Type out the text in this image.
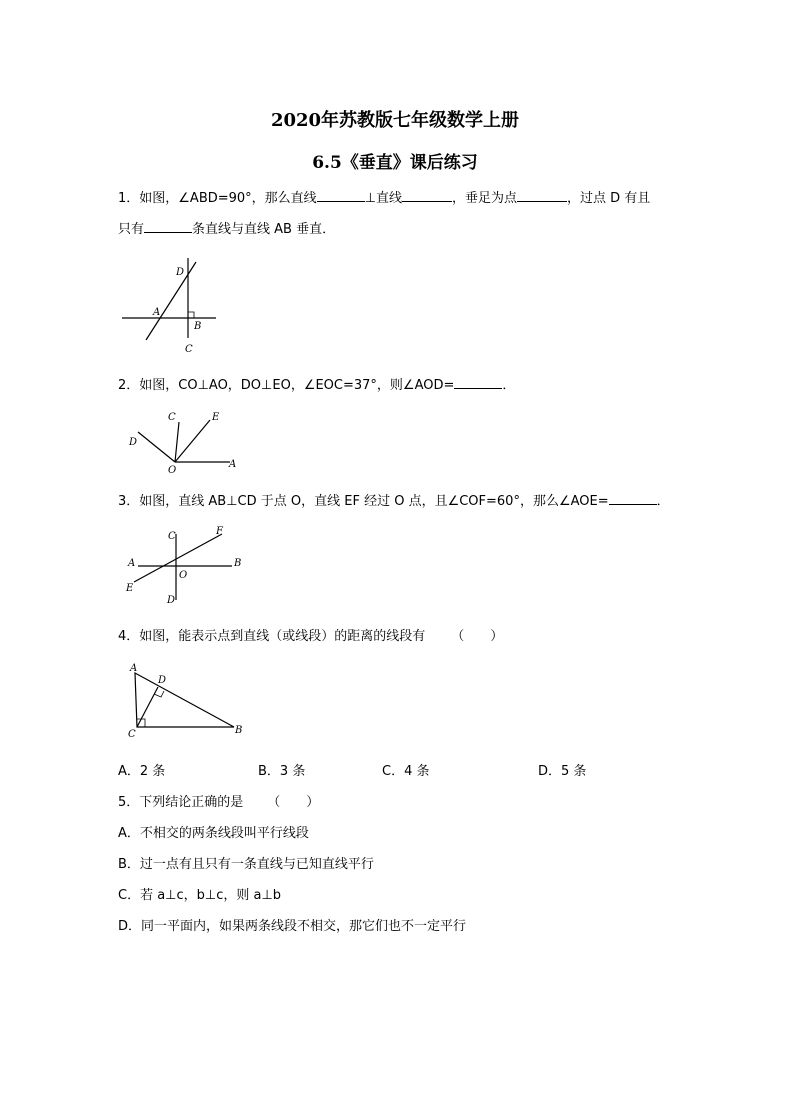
2020年苏教版七年级数学上册
6.5《垂直》课后练习
1．如图，∠ABD=90°，那么直线	⊥直线	，垂足为点	，过点 D 有且
只有	条直线与直线 AB 垂直．
D
A
B
C
2．如图，CO⊥AO，DO⊥EO，∠EOC=37°，则∠AOD=	．
C	E
D
O
A
3．如图，直线 AB⊥CD 于点 O，直线 EF 经过 O 点，且∠COF=60°，那么∠AOE=	．
C	F
A	B
E
O
D
4．如图，能表示点到直线（或线段）的距离的线段有 （　　）
A
D
C	B
A．2 条	B．3 条	C．4 条	D．5 条
5．下列结论正确的是 （　　）
A．不相交的两条线段叫平行线段
B．过一点有且只有一条直线与已知直线平行
C．若 a⊥c，b⊥c，则 a⊥b
D．同一平面内，如果两条线段不相交，那它们也不一定平行
